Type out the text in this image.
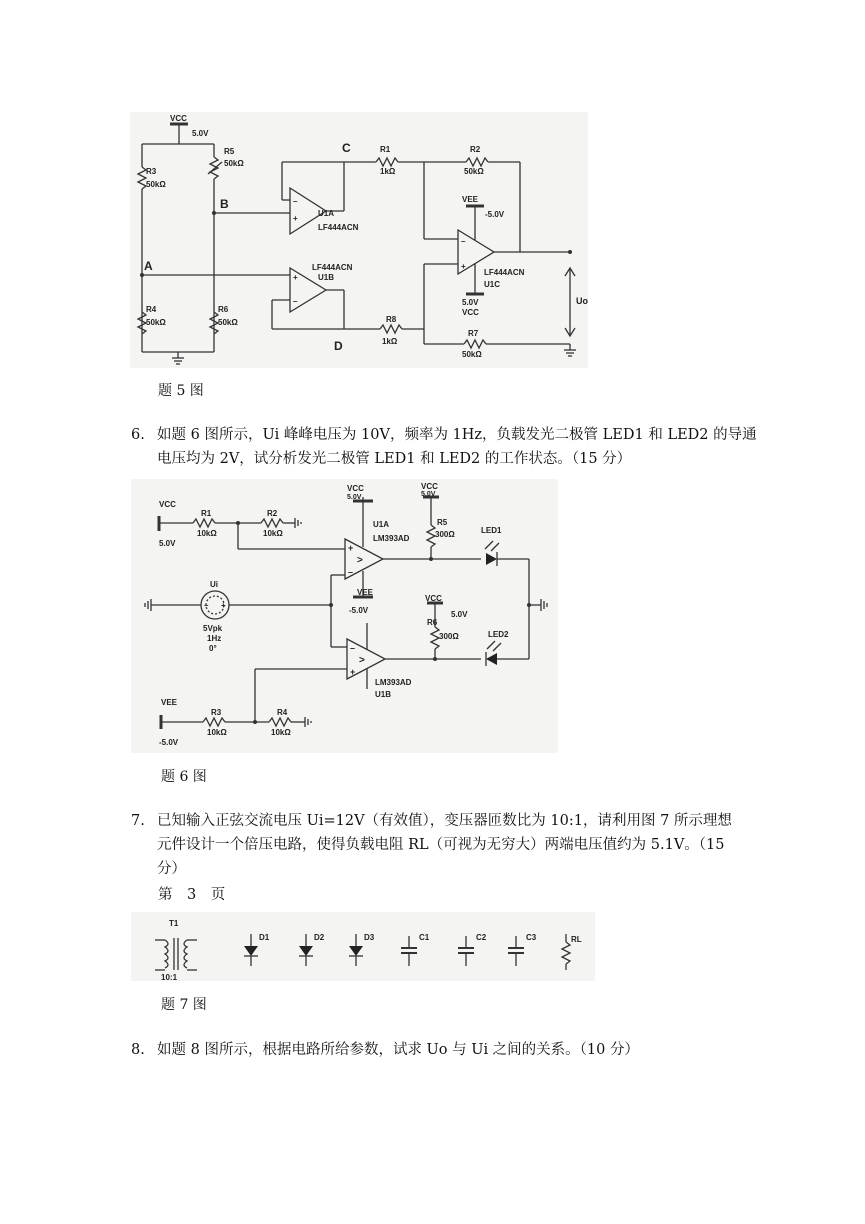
VCC
5.0V
R3
50kΩ
R5
50kΩ
B
A
R4
50kΩ
R6
50kΩ
–
+
U1A
LF444ACN
C
+
–
LF444ACN
U1B
D
R1
1kΩ
R2
50kΩ
–
+
VEE
-5.0V
5.0V
VCC
LF444ACN
U1C
R8
1kΩ
R7
50kΩ
Uo
题 5 图
6. 如题 6 图所示，Ui 峰峰电压为 10V，频率为 1Hz，负载发光二极管 LED1 和 LED2 的导通
电压均为 2V，试分析发光二极管 LED1 和 LED2 的工作状态。（15 分）
VCC
5.0V
R1
10kΩ
R2
10kΩ
+
–
>
VCC
5.0V
U1A
LM393AD
VEE
-5.0V
VCC
5.0V
R5
300Ω	LED1
– +
Ui
5Vpk
1Hz
0°	–
+
>
LM393AD
U1B
VCC
5.0V
R6
300Ω	LED2
VEE
-5.0V
R3
10kΩ
R4
10kΩ
题 6 图
7. 已知输入正弦交流电压 Ui=12V（有效值），变压器匝数比为 10:1，请利用图 7 所示理想
元件设计一个倍压电路，使得负载电阻 RL（可视为无穷大）两端电压值约为 5.1V。（15
分）
第　3　页
T1
10:1
D1	D2	D3	C1	C2	C3	RL
题 7 图
8. 如题 8 图所示，根据电路所给参数，试求 Uo 与 Ui 之间的关系。（10 分）
